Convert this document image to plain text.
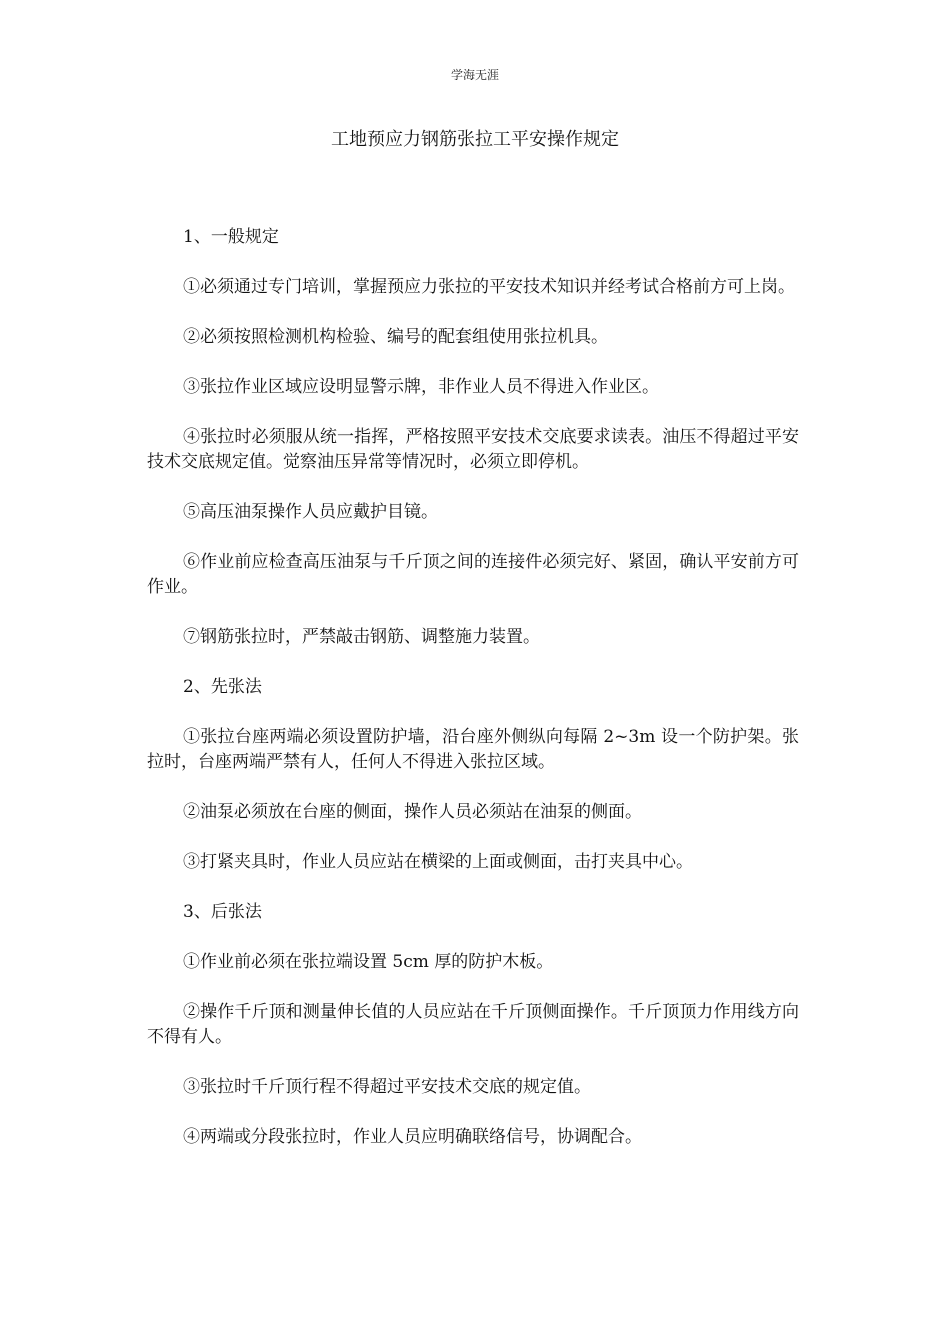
学海无涯
工地预应力钢筋张拉工平安操作规定

1、一般规定

①必须通过专门培训，掌握预应力张拉的平安技术知识并经考试合格前方可上岗。

②必须按照检测机构检验、编号的配套组使用张拉机具。

③张拉作业区域应设明显警示牌，非作业人员不得进入作业区。

④张拉时必须服从统一指挥，严格按照平安技术交底要求读表。油压不得超过平安技术交底规定值。觉察油压异常等情况时，必须立即停机。

⑤高压油泵操作人员应戴护目镜。

⑥作业前应检查高压油泵与千斤顶之间的连接件必须完好、紧固，确认平安前方可作业。

⑦钢筋张拉时，严禁敲击钢筋、调整施力装置。

2、先张法

①张拉台座两端必须设置防护墙，沿台座外侧纵向每隔 2~3m 设一个防护架。张拉时，台座两端严禁有人，任何人不得进入张拉区域。

②油泵必须放在台座的侧面，操作人员必须站在油泵的侧面。

③打紧夹具时，作业人员应站在横梁的上面或侧面，击打夹具中心。

3、后张法

①作业前必须在张拉端设置 5cm 厚的防护木板。

②操作千斤顶和测量伸长值的人员应站在千斤顶侧面操作。千斤顶顶力作用线方向不得有人。

③张拉时千斤顶行程不得超过平安技术交底的规定值。

④两端或分段张拉时，作业人员应明确联络信号，协调配合。
